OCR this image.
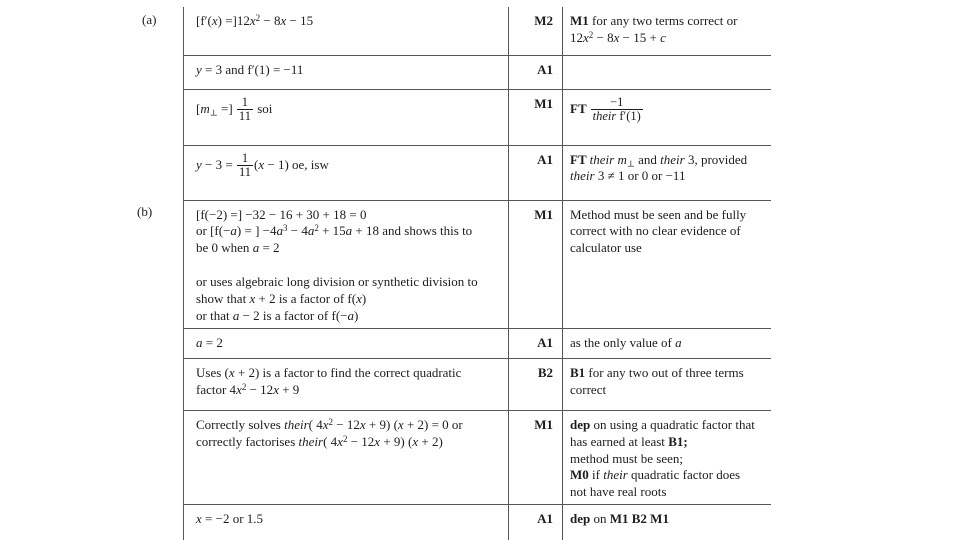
(a)
(b)
$[f'(x) =]12x^2 - 8x - 15$	M2	M1 for any two terms correct or
$12x^2 - 8x - 15 + c$
y = 3 and f′(1) = −11	A1	
[m⊥ =] $\frac{1}{11}$ soi	M1	FT $\frac{-1}{\text{their f′(1)}}$

$y - 3 = \frac{1}{11} (x - 1)$ oe, isw	A1	FT their m⊥ and their 3, provided
their 3 ≠ 1 or 0 or −11
[f(−2) =] −32 − 16 + 30 + 18 = 0
or [f(−a) = ] $-4a^3 - 4a^2 + 15a + 18$ and shows this to
be 0 when a = 2

or uses algebraic long division or synthetic division to
show that x + 2 is a factor of f(x)
or that a − 2 is a factor of f(−a)	M1	Method must be seen and be fully
correct with no clear evidence of
calculator use
a = 2	A1	as the only value of a
Uses (x + 2) is a factor to find the correct quadratic
factor $4x^2 - 12x + 9$	B2	B1 for any two out of three terms
correct
Correctly solves their( $4x^2 - 12x + 9$) (x + 2) = 0 or
correctly factorises their( $4x^2 - 12x + 9$) (x + 2)	M1	dep on using a quadratic factor that
has earned at least B1;
method must be seen;
M0 if their quadratic factor does
not have real roots
x = −2 or 1.5	A1	dep on M1 B2 M1
